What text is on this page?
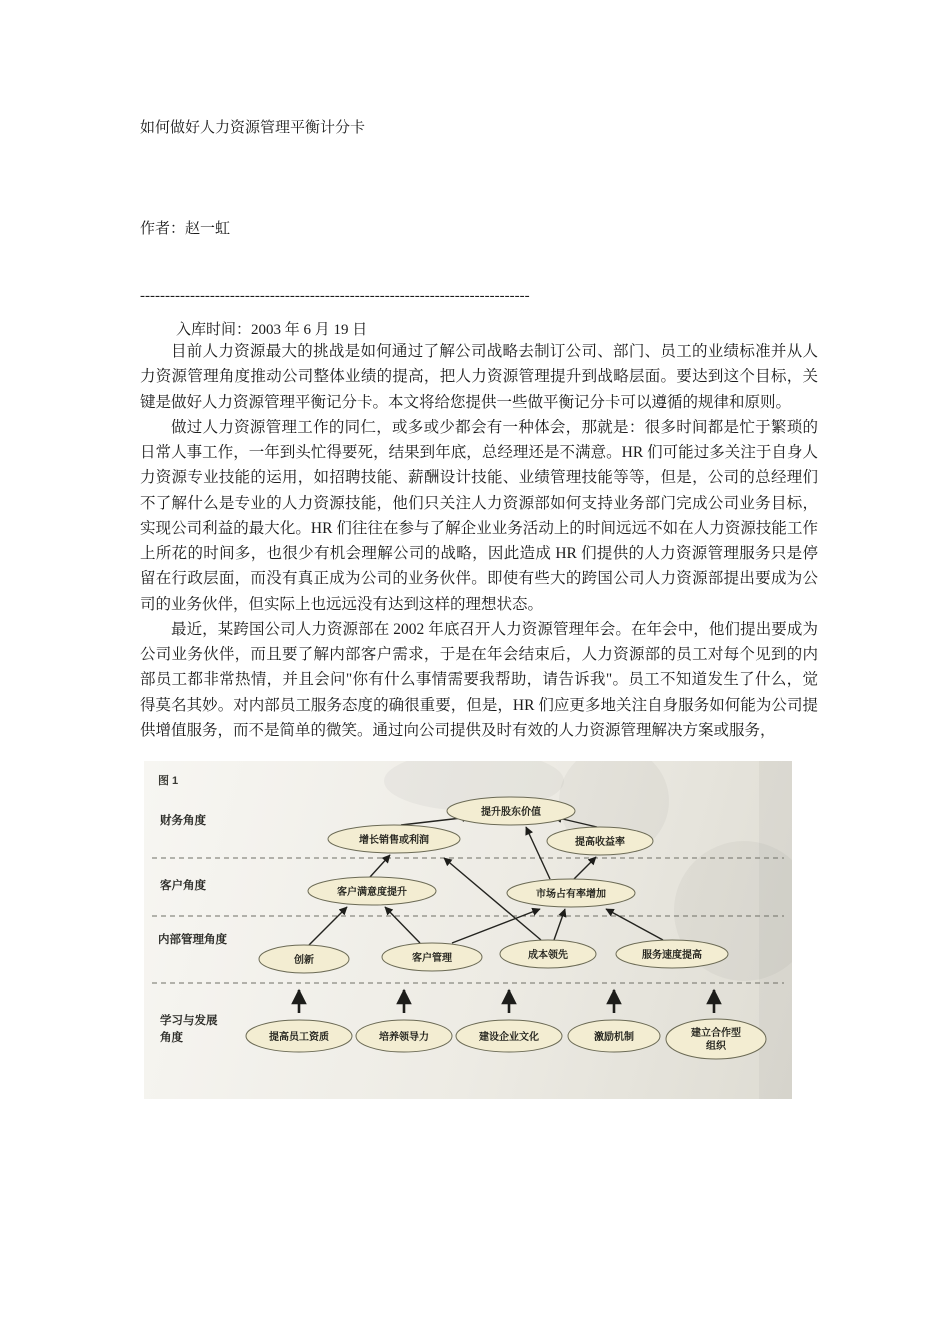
如何做好人力资源管理平衡计分卡
作者：赵一虹
------------------------------------------------------------------------------
入库时间：2003 年 6 月 19 日

目前人力资源最大的挑战是如何通过了解公司战略去制订公司、部门、员工的业绩标准并从人力资源管理角度推动公司整体业绩的提高，把人力资源管理提升到战略层面。要达到这个目标，关键是做好人力资源管理平衡记分卡。本文将给您提供一些做平衡记分卡可以遵循的规律和原则。

做过人力资源管理工作的同仁，或多或少都会有一种体会，那就是：很多时间都是忙于繁琐的日常人事工作，一年到头忙得要死，结果到年底，总经理还是不满意。HR 们可能过多关注于自身人力资源专业技能的运用，如招聘技能、薪酬设计技能、业绩管理技能等等，但是，公司的总经理们不了解什么是专业的人力资源技能，他们只关注人力资源部如何支持业务部门完成公司业务目标，实现公司利益的最大化。HR 们往往在参与了解企业业务活动上的时间远远不如在人力资源技能工作上所花的时间多，也很少有机会理解公司的战略，因此造成 HR 们提供的人力资源管理服务只是停留在行政层面，而没有真正成为公司的业务伙伴。即使有些大的跨国公司人力资源部提出要成为公司的业务伙伴，但实际上也远远没有达到这样的理想状态。

最近，某跨国公司人力资源部在 2002 年底召开人力资源管理年会。在年会中，他们提出要成为公司业务伙伴，而且要了解内部客户需求，于是在年会结束后，人力资源部的员工对每个见到的内部员工都非常热情，并且会问"你有什么事情需要我帮助，请告诉我"。员工不知道发生了什么，觉得莫名其妙。对内部员工服务态度的确很重要，但是，HR 们应更多地关注自身服务如何能为公司提供增值服务，而不是简单的微笑。通过向公司提供及时有效的人力资源管理解决方案或服务，

图 1
财务角度
客户角度
内部管理角度
学习与发展
角度
提升股东价值
增长销售或利润	提高收益率
客户满意度提升	市场占有率增加
创新	客户管理	成本领先	服务速度提高
提高员工资质	培养领导力	建设企业文化	激励机制	建立合作型
组织
